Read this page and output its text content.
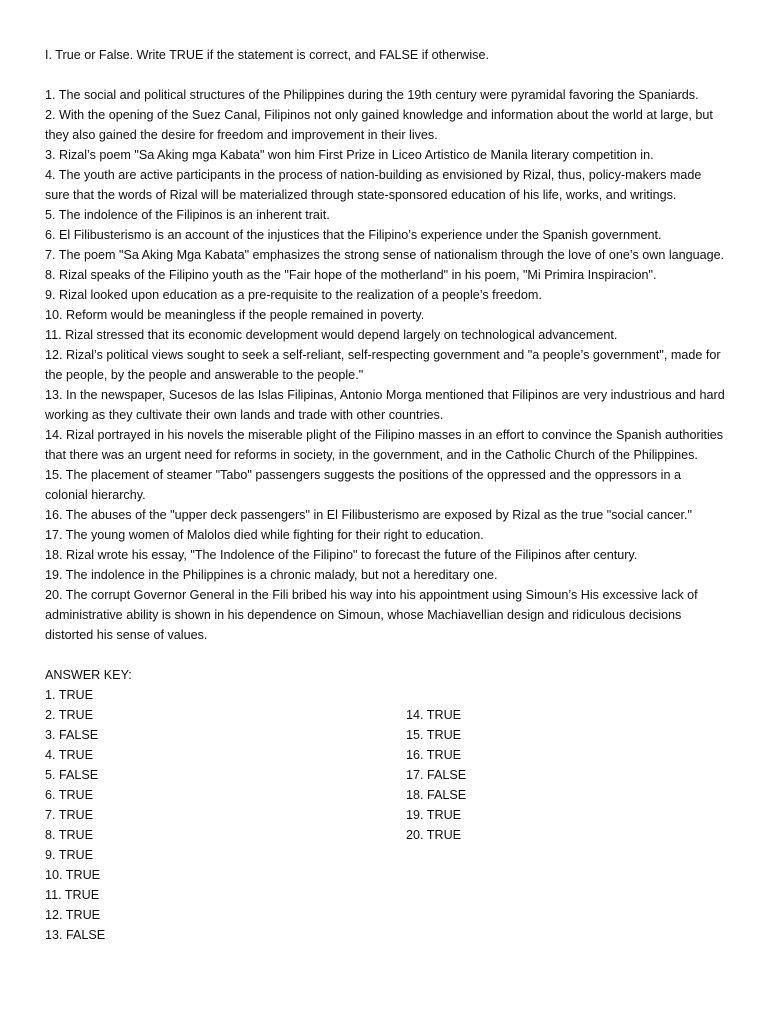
I. True or False. Write TRUE if the statement is correct, and FALSE if otherwise.

1. The social and political structures of the Philippines during the 19th century were pyramidal favoring the Spaniards.

2. With the opening of the Suez Canal, Filipinos not only gained knowledge and information about the world at large, but they also gained the desire for freedom and improvement in their lives.

3. Rizal’s poem "Sa Aking mga Kabata" won him First Prize in Liceo Artistico de Manila literary competition in.

4. The youth are active participants in the process of nation-building as envisioned by Rizal, thus, policy-makers made sure that the words of Rizal will be materialized through state-sponsored education of his life, works, and writings.

5. The indolence of the Filipinos is an inherent trait.

6. El Filibusterismo is an account of the injustices that the Filipino’s experience under the Spanish government.

7. The poem "Sa Aking Mga Kabata" emphasizes the strong sense of nationalism through the love of one’s own language.

8. Rizal speaks of the Filipino youth as the "Fair hope of the motherland" in his poem, "Mi Primira Inspiracion".

9. Rizal looked upon education as a pre-requisite to the realization of a people’s freedom.

10. Reform would be meaningless if the people remained in poverty.

11. Rizal stressed that its economic development would depend largely on technological advancement.

12. Rizal’s political views sought to seek a self-reliant, self-respecting government and "a people’s government", made for the people, by the people and answerable to the people."

13. In the newspaper, Sucesos de las Islas Filipinas, Antonio Morga mentioned that Filipinos are very industrious and hard working as they cultivate their own lands and trade with other countries.

14. Rizal portrayed in his novels the miserable plight of the Filipino masses in an effort to convince the Spanish authorities that there was an urgent need for reforms in society, in the government, and in the Catholic Church of the Philippines.

15. The placement of steamer "Tabo" passengers suggests the positions of the oppressed and the oppressors in a colonial hierarchy.

16. The abuses of the "upper deck passengers" in El Filibusterismo are exposed by Rizal as the true "social cancer."

17. The young women of Malolos died while fighting for their right to education.

18. Rizal wrote his essay, "The Indolence of the Filipino" to forecast the future of the Filipinos after century.

19. The indolence in the Philippines is a chronic malady, but not a hereditary one.

20. The corrupt Governor General in the Fili bribed his way into his appointment using Simoun’s His excessive lack of administrative ability is shown in his dependence on Simoun, whose Machiavellian design and ridiculous decisions distorted his sense of values.

ANSWER KEY:

1. TRUE

2. TRUE

3. FALSE

4. TRUE

5. FALSE

6. TRUE

7. TRUE

8. TRUE

9. TRUE

10. TRUE

11. TRUE

12. TRUE

13. FALSE

14. TRUE

15. TRUE

16. TRUE

17. FALSE

18. FALSE

19. TRUE

20. TRUE
